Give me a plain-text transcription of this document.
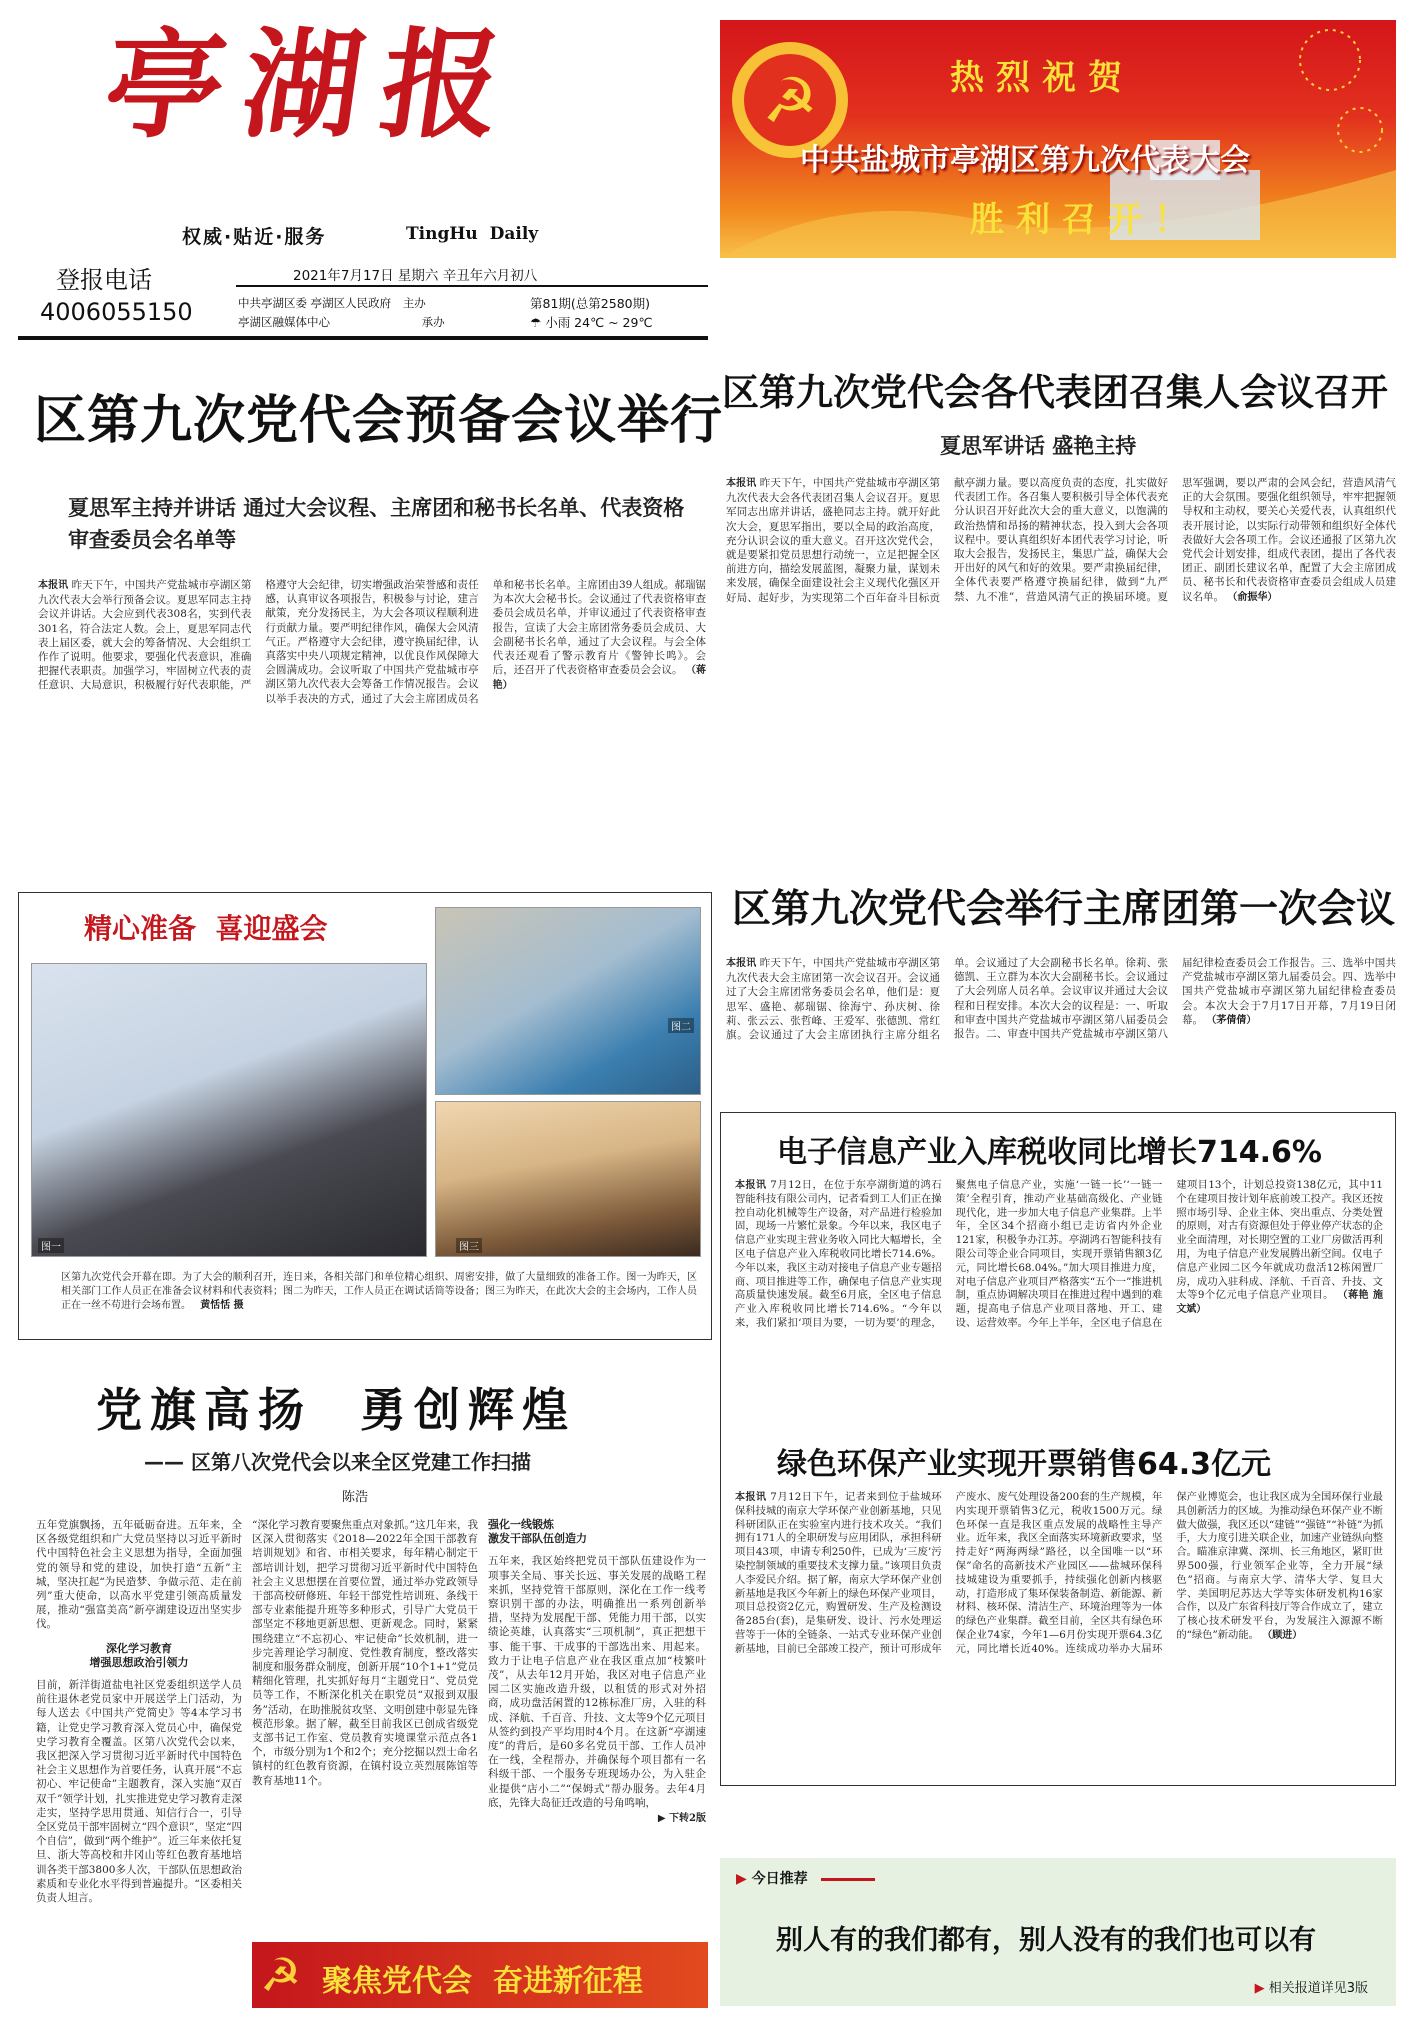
亭湖报
权威·贴近·服务	TingHu  Daily
登报电话
4006055150
2021年7月17日 星期六 辛丑年六月初八
中共亭湖区委 亭湖区人民政府 主办
亭湖区融媒体中心	承办
第81期(总第2580期)
☂ 小雨 24℃ ~ 29℃
☭	热烈祝贺
中共盐城市亭湖区第九次代表大会
胜利召开！
区第九次党代会预备会议举行
夏思军主持并讲话 通过大会议程、主席团和秘书长名单、代表资格审查委员会名单等
本报讯 昨天下午，中国共产党盐城市亭湖区第九次代表大会举行预备会议。夏思军同志主持会议并讲话。大会应到代表308名，实到代表301名，符合法定人数。会上，夏思军同志代表上届区委，就大会的筹备情况、大会组织工作作了说明。他要求，要强化代表意识，准确把握代表职责。加强学习，牢固树立代表的责任意识、大局意识，积极履行好代表职能，严格遵守大会纪律，切实增强政治荣誉感和责任感，认真审议各项报告，积极参与讨论，建言献策，充分发扬民主，为大会各项议程顺利进行贡献力量。要严明纪律作风，确保大会风清气正。严格遵守大会纪律，遵守换届纪律，认真落实中央八项规定精神，以优良作风保障大会圆满成功。会议听取了中国共产党盐城市亭湖区第九次代表大会筹备工作情况报告。会议以举手表决的方式，通过了大会主席团成员名单和秘书长名单。主席团由39人组成。郝瑞锯为本次大会秘书长。会议通过了代表资格审查委员会成员名单，并审议通过了代表资格审查报告，宣读了大会主席团常务委员会成员、大会副秘书长名单，通过了大会议程。与会全体代表还观看了警示教育片《警钟长鸣》。会后，还召开了代表资格审查委员会会议。 （蒋艳）
区第九次党代会各代表团召集人会议召开
夏思军讲话 盛艳主持
本报讯 昨天下午，中国共产党盐城市亭湖区第九次代表大会各代表团召集人会议召开。夏思军同志出席并讲话，盛艳同志主持。就开好此次大会，夏思军指出，要以全局的政治高度，充分认识会议的重大意义。召开这次党代会，就是要紧扣党员思想行动统一，立足把握全区前进方向，描绘发展蓝图，凝聚力量，谋划未来发展，确保全面建设社会主义现代化强区开好局、起好步，为实现第二个百年奋斗目标贡献亭湖力量。要以高度负责的态度，扎实做好代表团工作。各召集人要积极引导全体代表充分认识召开好此次大会的重大意义，以饱满的政治热情和昂扬的精神状态，投入到大会各项议程中。要认真组织好本团代表学习讨论，听取大会报告，发扬民主，集思广益，确保大会开出好的风气和好的效果。要严肃换届纪律，全体代表要严格遵守换届纪律，做到“九严禁、九不准”，营造风清气正的换届环境。夏思军强调，要以严肃的会风会纪，营造风清气正的大会氛围。要强化组织领导，牢牢把握领导权和主动权，要关心关爱代表，认真组织代表开展讨论，以实际行动带领和组织好全体代表做好大会各项工作。会议还通报了区第九次党代会计划安排，组成代表团，提出了各代表团正、副团长建议名单，配置了大会主席团成员、秘书长和代表资格审查委员会组成人员建议名单。 （俞振华）
精心准备  喜迎盛会
图一
图二
图三
区第九次党代会开幕在即。为了大会的顺利召开，连日来，各相关部门和单位精心组织、周密安排，做了大量细致的准备工作。图一为昨天，区相关部门工作人员正在准备会议材料和代表资料；图二为昨天，工作人员正在调试话筒等设备；图三为昨天，在此次大会的主会场内，工作人员正在一丝不苟进行会场布置。 黄恬恬 摄
区第九次党代会举行主席团第一次会议
本报讯 昨天下午，中国共产党盐城市亭湖区第九次代表大会主席团第一次会议召开。会议通过了大会主席团常务委员会名单，他们是：夏思军、盛艳、郝瑞锯、徐海宁、孙庆树、徐莉、张云云、张哲峰、王爱军、张德凯、常红旗。会议通过了大会主席团执行主席分组名单。会议通过了大会副秘书长名单。徐莉、张德凯、王立群为本次大会副秘书长。会议通过了大会列席人员名单。会议审议并通过大会议程和日程安排。本次大会的议程是：一、听取和审查中国共产党盐城市亭湖区第八届委员会报告。二、审查中国共产党盐城市亭湖区第八届纪律检查委员会工作报告。三、选举中国共产党盐城市亭湖区第九届委员会。四、选举中国共产党盐城市亭湖区第九届纪律检查委员会。本次大会于7月17日开幕，7月19日闭幕。 （茅倩倩）
电子信息产业入库税收同比增长714.6%
本报讯 7月12日，在位于东亭湖街道的鸿石智能科技有限公司内，记者看到工人们正在操控自动化机械等生产设备，对产品进行检验加固，现场一片繁忙景象。今年以来，我区电子信息产业实现主营业务收入同比大幅增长，全区电子信息产业入库税收同比增长714.6%。今年以来，我区主动对接电子信息产业专题招商、项目推进等工作，确保电子信息产业实现高质量快速发展。截至6月底，全区电子信息产业入库税收同比增长714.6%。“今年以来，我们紧扣‘项目为要，一切为要’的理念，聚焦电子信息产业，实施‘一链一长’‘一链一策’全程引育，推动产业基础高级化、产业链现代化，进一步加大电子信息产业集群。上半年，全区34个招商小组已走访省内外企业121家，积极争办江苏。亭湖鸿石智能科技有限公司等企业合同项目，实现开票销售额3亿元，同比增长68.04%。”加大项目推进力度，对电子信息产业项目严格落实“五个一”推进机制，重点协调解决项目在推进过程中遇到的难题，提高电子信息产业项目落地、开工、建设、运营效率。今年上半年，全区电子信息在建项目13个，计划总投资138亿元，其中11个在建项目按计划年底前竣工投产。我区还按照市场引导、企业主体、突出重点、分类处置的原则，对古有资源但处于停业停产状态的企业全面清理，对长期空置的工业厂房做活再利用，为电子信息产业发展腾出新空间。仅电子信息产业园二区今年就成功盘活12栋闲置厂房，成功入驻科成、泽航、千百音、升技、文太等9个亿元电子信息产业项目。 （蒋艳 施文斌）
绿色环保产业实现开票销售64.3亿元
本报讯 7月12日下午，记者来到位于盐城环保科技城的南京大学环保产业创新基地，只见科研团队正在实验室内进行技术攻关。“我们拥有171人的全职研发与应用团队，承担科研项目43项，申请专利250件，已成为‘三废’污染控制领域的重要技术支撑力量。”该项目负责人李爱民介绍。据了解，南京大学环保产业创新基地是我区今年新上的绿色环保产业项目，项目总投资2亿元，购置研发、生产及检测设备285台(套)，是集研发、设计、污水处理运营等于一体的全链条、一站式专业环保产业创新基地，目前已全部竣工投产，预计可形成年产废水、废气处理设备200套的生产规模，年内实现开票销售3亿元，税收1500万元。绿色环保一直是我区重点发展的战略性主导产业。近年来，我区全面落实环境新政要求，坚持走好“两海两绿”路径，以全国唯一以“环保”命名的高新技术产业园区——盐城环保科技城建设为重要抓手，持续强化创新内核驱动，打造形成了集环保装备制造、新能源、新材料、核环保、清洁生产、环境治理等为一体的绿色产业集群。截至目前，全区共有绿色环保企业74家，今年1—6月份实现开票64.3亿元，同比增长近40%。连续成功举办大届环保产业博览会，也让我区成为全国环保行业最具创新活力的区域。为推动绿色环保产业不断做大做强，我区还以“建链”“强链”“补链”为抓手，大力度引进关联企业，加速产业链纵向整合。瞄准京津冀、深圳、长三角地区，紧盯世界500强，行业领军企业等，全力开展“绿色”招商。与南京大学、清华大学、复旦大学、美国明尼苏达大学等实体研发机构16家合作，以及广东省科技厅等合作成立了，建立了核心技术研发平台，为发展注入源源不断的“绿色”新动能。 （顾进）
党旗高扬  勇创辉煌
—— 区第八次党代会以来全区党建工作扫描
陈浩
五年党旗飘扬，五年砥砺奋进。五年来，全区各级党组织和广大党员坚持以习近平新时代中国特色社会主义思想为指导，全面加强党的领导和党的建设，加快打造“五新”主城，坚决扛起“为民造梦、争做示范、走在前列”重大使命，以高水平党建引领高质量发展，推动“强富美高”新亭湖建设迈出坚实步伐。
深化学习教育
增强思想政治引领力
目前，新洋街道盐电社区党委组织送学人员前往退休老党员家中开展送学上门活动，为每人送去《中国共产党简史》等4本学习书籍，让党史学习教育深入党员心中，确保党史学习教育全覆盖。区第八次党代会以来，我区把深入学习贯彻习近平新时代中国特色社会主义思想作为首要任务，认真开展“不忘初心、牢记使命”主题教育，深入实施“双百双千”领学计划，扎实推进党史学习教育走深走实，坚持学思用贯通、知信行合一，引导全区党员干部牢固树立“四个意识”，坚定“四个自信”，做到“两个维护”。近三年来依托复旦、浙大等高校和井冈山等红色教育基地培训各类干部3800多人次，干部队伍思想政治素质和专业化水平得到普遍提升。“区委相关负责人坦言。
“深化学习教育要聚焦重点对象抓。”这几年来，我区深入贯彻落实《2018—2022年全国干部教育培训规划》和省、市相关要求，每年精心制定干部培训计划，把学习贯彻习近平新时代中国特色社会主义思想摆在首要位置，通过举办党政领导干部高校研修班、年轻干部党性培训班、条线干部专业素能提升班等多种形式，引导广大党员干部坚定不移地更新思想、更新观念。同时，紧紧围绕建立“不忘初心、牢记使命”长效机制，进一步完善理论学习制度、党性教育制度，整改落实制度和服务群众制度，创新开展“10个1+1”党员精细化管理，扎实抓好每月“主题党日”、党员党员等工作，不断深化机关在职党员“双报到双服务”活动，在助推脱贫攻坚、文明创建中彰显先锋模范形象。据了解，截至目前我区已创成省级党支部书记工作室、党员教育实境课堂示范点各1个，市级分别为1个和2个；充分挖掘以烈士命名镇村的红色教育资源，在镇村设立英烈展陈馆等教育基地11个。
强化一线锻炼
激发干部队伍创造力
五年来，我区始终把党员干部队伍建设作为一项事关全局、事关长远、事关发展的战略工程来抓，坚持党管干部原则，深化在工作一线考察识别干部的办法，明确推出一系列创新举措，坚持为发展配干部、凭能力用干部，以实绩论英雄，认真落实“三项机制”，真正把想干事、能干事、干成事的干部选出来、用起来。致力于让电子信息产业在我区重点加“枝繁叶茂”，从去年12月开始，我区对电子信息产业园二区实施改造升级，以租赁的形式对外招商，成功盘活闲置的12栋标准厂房，入驻的科成、泽航、千百音、升技、文太等9个亿元项目从签约到投产平均用时4个月。在这新“亭湖速度”的背后，是60多名党员干部、工作人员冲在一线，全程帮办，并确保每个项目都有一名科级干部、一个服务专班现场办公，为入驻企业提供“店小二”“保姆式”帮办服务。去年4月底，先锋大岛征迁改造的号角鸣响，
▶ 下转2版
☭ 聚焦党代会  奋进新征程
▶ 今日推荐
别人有的我们都有，别人没有的我们也可以有
▶ 相关报道详见3版
